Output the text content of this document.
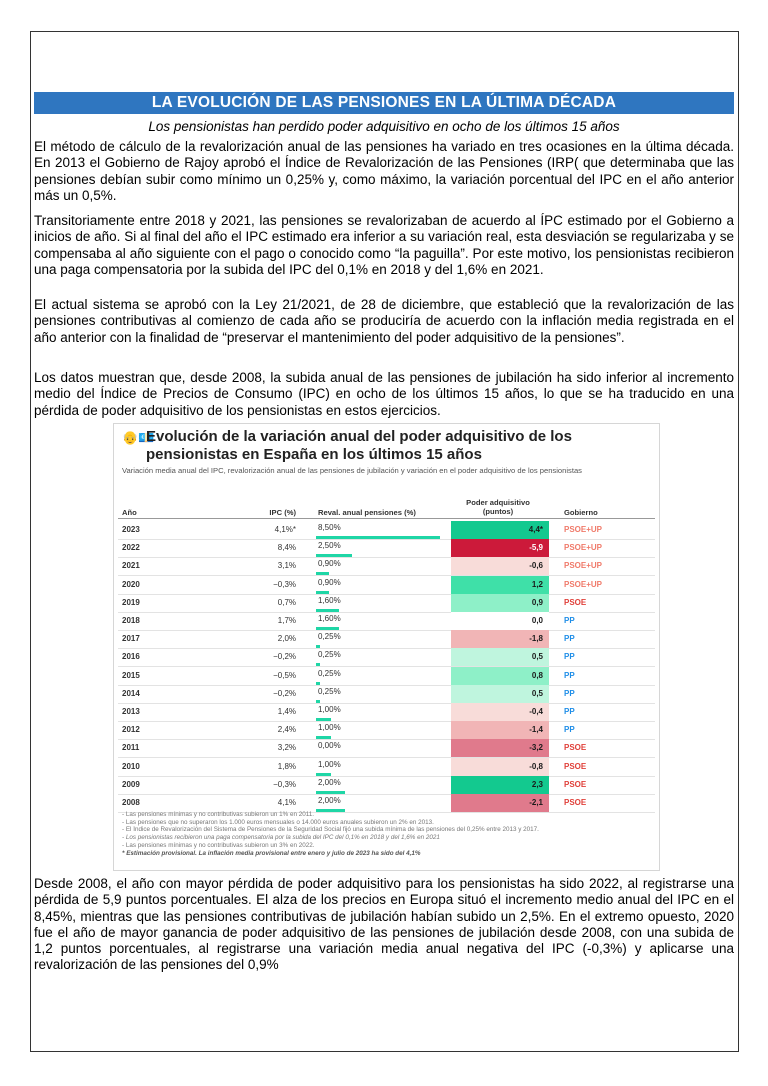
LA EVOLUCIÓN DE LAS PENSIONES EN LA ÚLTIMA DÉCADA
Los pensionistas han perdido poder adquisitivo en ocho de los últimos 15 años

El método de cálculo de la revalorización anual de las pensiones ha variado en tres ocasiones en la última década. En 2013 el Gobierno de Rajoy aprobó el Índice de Revalorización de las Pensiones (IRP( que determinaba que las pensiones debían subir como mínimo un 0,25% y, como máximo, la variación porcentual del IPC en el año anterior más un 0,5%.

Transitoriamente entre 2018 y 2021, las pensiones se revalorizaban de acuerdo al ÍPC estimado por el Gobierno a inicios de año. Si al final del año el IPC estimado era inferior a su variación real, esta desviación se regularizaba y se compensaba al año siguiente con el pago o conocido como “la paguilla”. Por este motivo, los pensionistas recibieron una paga compensatoria por la subida del IPC del 0,1% en 2018 y del 1,6% en 2021.

El actual sistema se aprobó con la Ley 21/2021, de 28 de diciembre, que estableció que la revalorización de las pensiones contributivas al comienzo de cada año se produciría de acuerdo con la inflación media registrada en el año anterior con la finalidad de “preservar el mantenimiento del poder adquisitivo de la pensiones”.

Los datos muestran que, desde 2008, la subida anual de las pensiones de jubilación ha sido inferior al incremento medio del Índice de Precios de Consumo (IPC) en ocho de los últimos 15 años, lo que se ha traducido en una pérdida de poder adquisitivo de los pensionistas en estos ejercicios.

👴💶
Evolución de la variación anual del poder adquisitivo de los pensionistas en España en los últimos 15 años
Variación media anual del IPC, revalorización anual de las pensiones de jubilación y variación en el poder adquisitivo de los pensionistas
Año	IPC (%)	Reval. anual pensiones (%)
Poder adquisitivo (puntos)	Gobierno
2023	4,1%*	8,50%	4,4*	PSOE+UP
2022	8,4%	2,50%	-5,9	PSOE+UP
2021	3,1%	0,90%	-0,6	PSOE+UP
2020	−0,3%	0,90%	1,2	PSOE+UP
2019	0,7%	1,60%	0,9	PSOE
2018	1,7%	1,60%	0,0	PP
2017	2,0%	0,25%	-1,8	PP
2016	−0,2%	0,25%	0,5	PP
2015	−0,5%	0,25%	0,8	PP
2014	−0,2%	0,25%	0,5	PP
2013	1,4%	1,00%	-0,4	PP
2012	2,4%	1,00%	-1,4	PP
2011	3,2%	0,00%	-3,2	PSOE
2010	1,8%	1,00%	-0,8	PSOE
2009	−0,3%	2,00%	2,3	PSOE
2008	4,1%	2,00%	-2,1	PSOE
- Las pensiones mínimas y no contributivas subieron un 1% en 2011.
- Las pensiones que no superaron los 1.000 euros mensuales o 14.000 euros anuales subieron un 2% en 2013.
- El Índice de Revalorización del Sistema de Pensiones de la Seguridad Social fijó una subida mínima de las pensiones del 0,25% entre 2013 y 2017.
- Los pensionistas recibieron una paga compensatoria por la subida del IPC del 0,1% en 2018 y del 1,6% en 2021
- Las pensiones mínimas y no contributivas subieron un 3% en 2022.
* Estimación provisional. La inflación media provisional entre enero y julio de 2023 ha sido del 4,1%

Desde 2008, el año con mayor pérdida de poder adquisitivo para los pensionistas ha sido 2022, al registrarse una pérdida de 5,9 puntos porcentuales. El alza de los precios en Europa situó el incremento medio anual del IPC en el 8,45%, mientras que las pensiones contributivas de jubilación habían subido un 2,5%. En el extremo opuesto, 2020 fue el año de mayor ganancia de poder adquisitivo de las pensiones de jubilación desde 2008, con una subida de 1,2 puntos porcentuales, al registrarse una variación media anual negativa del IPC (-0,3%) y aplicarse una revalorización de las pensiones del 0,9%
